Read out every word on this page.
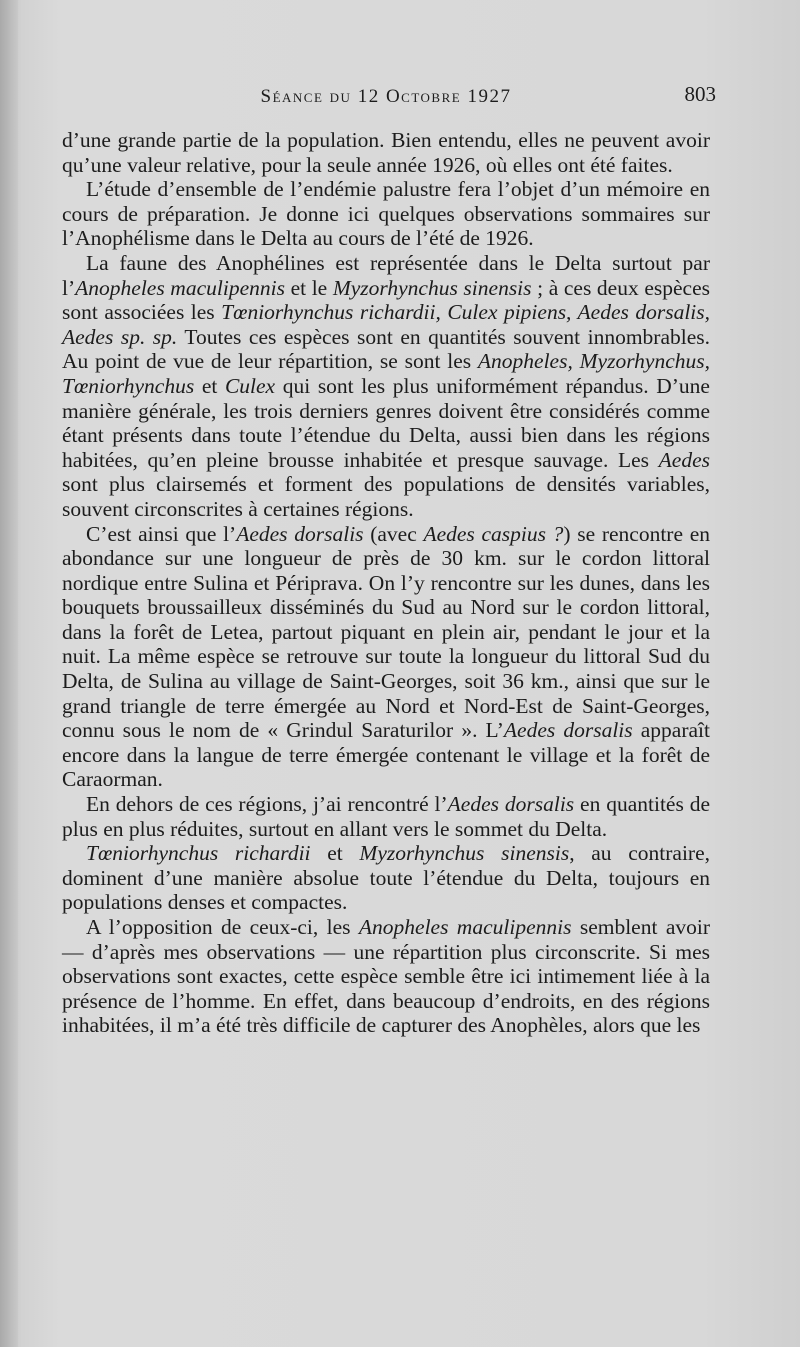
Séance du 12 Octobre 1927	803

d’une grande partie de la population. Bien entendu, elles ne peuvent avoir qu’une valeur relative, pour la seule année 1926, où elles ont été faites.

L’étude d’ensemble de l’endémie palustre fera l’objet d’un mémoire en cours de préparation. Je donne ici quelques observations sommaires sur l’Anophélisme dans le Delta au cours de l’été de 1926.

La faune des Anophélines est représentée dans le Delta surtout par l’Anopheles maculipennis et le Myzorhynchus sinensis ; à ces deux espèces sont associées les Tœniorhynchus richardii, Culex pipiens, Aedes dorsalis, Aedes sp. sp. Toutes ces espèces sont en quantités souvent innombrables. Au point de vue de leur répartition, se sont les Anopheles, Myzorhynchus, Tœniorhynchus et Culex qui sont les plus uniformément répandus. D’une manière générale, les trois derniers genres doivent être considérés comme étant présents dans toute l’étendue du Delta, aussi bien dans les régions habitées, qu’en pleine brousse inhabitée et presque sauvage. Les Aedes sont plus clairsemés et forment des populations de densités variables, souvent circonscrites à certaines régions.

C’est ainsi que l’Aedes dorsalis (avec Aedes caspius ?) se rencontre en abondance sur une longueur de près de 30 km. sur le cordon littoral nordique entre Sulina et Périprava. On l’y rencontre sur les dunes, dans les bouquets broussailleux disséminés du Sud au Nord sur le cordon littoral, dans la forêt de Letea, partout piquant en plein air, pendant le jour et la nuit. La même espèce se retrouve sur toute la longueur du littoral Sud du Delta, de Sulina au village de Saint-Georges, soit 36 km., ainsi que sur le grand triangle de terre émergée au Nord et Nord-Est de Saint-Georges, connu sous le nom de « Grindul Saraturilor ». L’Aedes dorsalis apparaît encore dans la langue de terre émergée contenant le village et la forêt de Caraorman.

En dehors de ces régions, j’ai rencontré l’Aedes dorsalis en quantités de plus en plus réduites, surtout en allant vers le sommet du Delta.

Tœniorhynchus richardii et Myzorhynchus sinensis, au contraire, dominent d’une manière absolue toute l’étendue du Delta, toujours en populations denses et compactes.

A l’opposition de ceux-ci, les Anopheles maculipennis semblent avoir — d’après mes observations — une répartition plus circonscrite. Si mes observations sont exactes, cette espèce semble être ici intimement liée à la présence de l’homme. En effet, dans beaucoup d’endroits, en des régions inhabitées, il m’a été très difficile de capturer des Anophèles, alors que les
